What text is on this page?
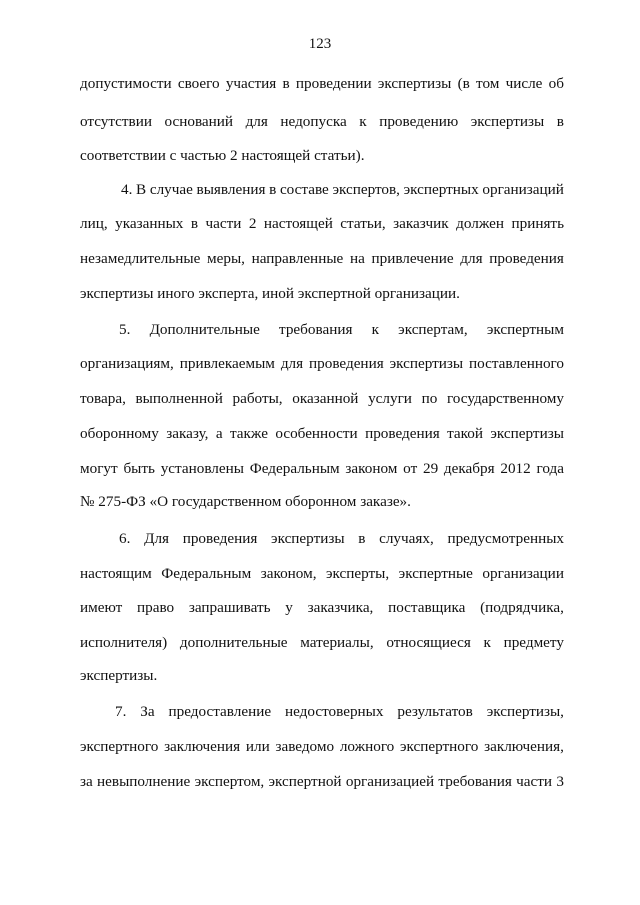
123
допустимости своего участия в проведении экспертизы (в том числе об
отсутствии оснований для недопуска к проведению экспертизы в
соответствии с частью 2 настоящей статьи).
4. В случае выявления в составе экспертов, экспертных организаций
лиц, указанных в части 2 настоящей статьи, заказчик должен принять
незамедлительные меры, направленные на привлечение для проведения
экспертизы иного эксперта, иной экспертной организации.
5. Дополнительные требования к экспертам, экспертным
организациям, привлекаемым для проведения экспертизы поставленного
товара, выполненной работы, оказанной услуги по государственному
оборонному заказу, а также особенности проведения такой экспертизы
могут быть установлены Федеральным законом от 29 декабря 2012 года
№ 275-ФЗ «О государственном оборонном заказе».
6. Для проведения экспертизы в случаях, предусмотренных
настоящим Федеральным законом, эксперты, экспертные организации
имеют право запрашивать у заказчика, поставщика (подрядчика,
исполнителя) дополнительные материалы, относящиеся к предмету
экспертизы.
7. За предоставление недостоверных результатов экспертизы,
экспертного заключения или заведомо ложного экспертного заключения,
за невыполнение экспертом, экспертной организацией требования части 3
